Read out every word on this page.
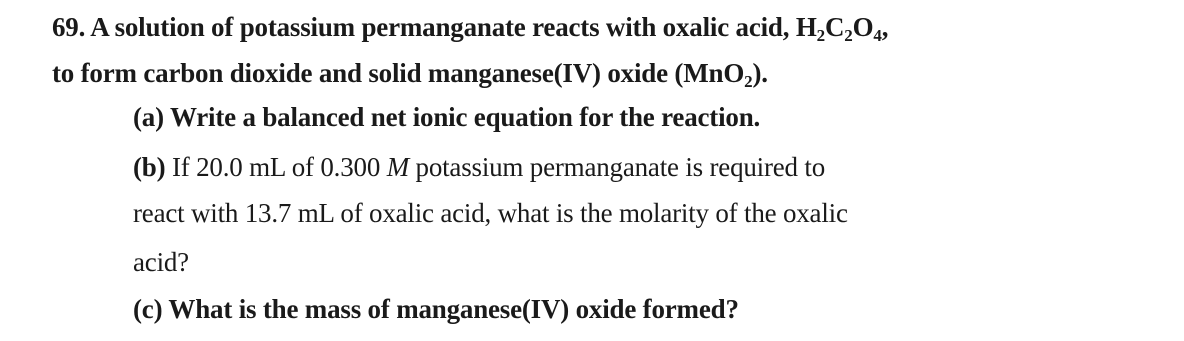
69. A solution of potassium permanganate reacts with oxalic acid, $H_2C_2O_4$,
to form carbon dioxide and solid manganese(IV) oxide (MnO$_2$).
(a) Write a balanced net ionic equation for the reaction.
(b) If 20.0 mL of 0.300 M potassium permanganate is required to
react with 13.7 mL of oxalic acid, what is the molarity of the oxalic
acid?
(c) What is the mass of manganese(IV) oxide formed?
